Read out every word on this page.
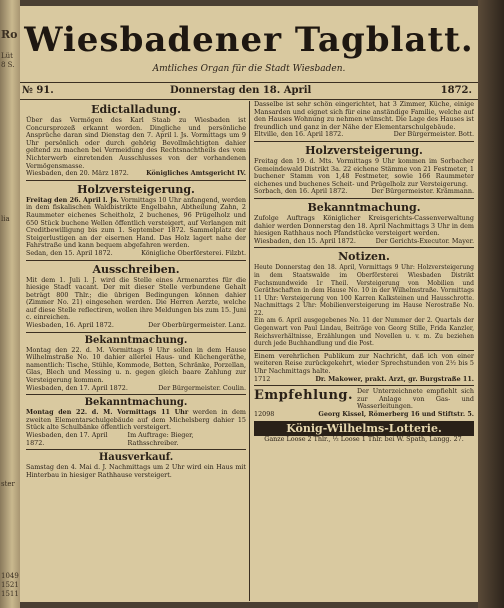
Ro
Lüt
8 S.
lia
ster
1049
1521
1511
Wiesbadener Tagblatt.
Amtliches Organ für die Stadt Wiesbaden.
№ 91.	Donnerstag den 18. April	1872.
Edictalladung.

Über das Vermögen des Karl Staab zu Wiesbaden ist Concursprozeß erkannt worden. Dingliche und persönliche Ansprüche daran sind Dienstag den 7. April l. Js. Vormittags um 9 Uhr persönlich oder durch gehörig Bevollmächtigten dahier geltend zu machen bei Vermeidung des Rechtsnachtheils des vom Nichterwerb einretenden Ausschlusses von der vorhandenen Vermögensmasse.

Wiesbaden, den 20. März 1872.	Königliches Amtsgericht IV.
Holzversteigerung.

Freitag den 26. April l. Js. Vormittags 10 Uhr anfangend, werden in dem fiskalischen Waldbistrikte Engelbahn, Abtheilung Zahn, 2 Raummeter eichenes Scheitholz, 2 buchenes, 96 Prügelholz und 650 Stück buchene Wellen öffentlich versteigert, auf Verlangen mit Creditbewilligung bis zum 1. September 1872. Sammelplatz der Steigerlustigen an der eisernen Hand. Das Holz lagert nahe der Fahrstraße und kann bequem abgefahren werden.

Sedan, den 15. April 1872.	Königliche Oberförsterei. Filzbt.
Ausschreiben.

Mit dem 1. Juli l. J. wird die Stelle eines Armenarztes für die hiesige Stadt vacant. Der mit dieser Stelle verbundene Gehalt beträgt 800 Thlr.; die übrigen Bedingungen können dahier (Zimmer No. 21) eingesehen werden. Die Herren Aerzte, welche auf diese Stelle reflectiren, wollen ihre Meldungen bis zum 15. Juni c. einreichen.

Wiesbaden, 16. April 1872.	Der Oberbürgermeister. Lanz.
Bekanntmachung.

Montag den 22. d. M. Vormittags 9 Uhr sollen in dem Hause Wilhelmstraße No. 10 dahier allerlei Haus- und Küchengeräthe, namentlich: Tische, Stühle, Kommode, Betten, Schränke, Porzellan, Glas, Blech und Messing u. n. gegen gleich baare Zahlung zur Versteigerung kommen.

Wiesbaden, den 17. April 1872.	Der Bürgermeister. Coulin.
Bekanntmachung.

Montag den 22. d. M. Vormittags 11 Uhr werden in dem zweiten Elementarschulgebäude auf dem Michelsberg dahier 15 Stück alte Schulbänke öffentlich versteigert.

Wiesbaden, den 17. April 1872.
Im Auftrage: Bieger, Rathsschreiber.
Hausverkauf.

Samstag den 4. Mai d. J. Nachmittags um 2 Uhr wird ein Haus mit Hinterbau in hiesiger Rathhause versteigert.

Dasselbe ist sehr schön eingerichtet, hat 3 Zimmer, Küche, einige Mansarden und eignet sich für eine anständige Familie, welche auf den Hauses Wohnung zu nehmen wünscht. Die Lage des Hauses ist freundlich und ganz in der Nähe der Elementarschulgebäude.

Eltville, den 16. April 1872.	Der Bürgermeister. Bott.
Holzversteigerung.

Freitag den 19. d. Mts. Vormittags 9 Uhr kommen im Sorbacher Gemeindewald Distrikt 3a. 22 eichene Stämme von 21 Festmeter, 1 buchener Stamm von 1,48 Festmeter, sowie 166 Raummeter eichenes und buchenes Scheit- und Prügelholz zur Versteigerung.

Sorbach, den 16. April 1872.	Der Bürgermeister. Krämmann.
Bekanntmachung.

Zufolge Auftrags Königlicher Kreisgerichts-Cassenverwaltung dahier werden Donnerstag den 18. April Nachmittags 3 Uhr in dem hiesigen Rathhaus noch Pfandstücke versteigert werden.

Wiesbaden, den 15. April 1872.	Der Gerichts-Executor. Mayer.
Notizen.

Heute Donnerstag den 18. April, Vormittags 9 Uhr: Holzversteigerung in dem Staatswalde im Oberförsterei Wiesbaden Distrikt Fuchsmundweide 1r Theil. Versteigerung von Mobilien und Geräthschaften in dem Hause No. 10 in der Wilhelmstraße. Vormittags 11 Uhr: Versteigerung von 100 Karren Kalksteinen und Hausschrotte. Nachmittags 2 Uhr: Mobilienversteigerung im Hause Nerostraße No. 22.

Ein am 6. April ausgegebenes No. 11 der Nummer der 2. Quartals der Gegenwart von Paul Lindau, Beiträge von Georg Stille, Frida Kanzler, Reichsverhältnisse, Erzählungen und Novellen u. v. m. Zu beziehen durch jede Buchhandlung und die Post.

Einem verehrlichen Publikum zur Nachricht, daß ich von einer weiteren Reise zurückgekehrt, wieder Sprechstunden von 2½ bis 5 Uhr Nachmittags halte.

1712	Dr. Makower, prakt. Arzt, gr. Burgstraße 11.
Empfehlung. Der Unterzeichnete empfiehlt sich zur Anlage von Gas- und Wasserleitungen.

12098	Georg Kissel, Römerberg 16 und Stiftstr. 5.
König-Wilhelms-Lotterie.

Ganze Loose 2 Thlr., ½ Loose 1 Thlr. bei W. Spath, Langg. 27.
